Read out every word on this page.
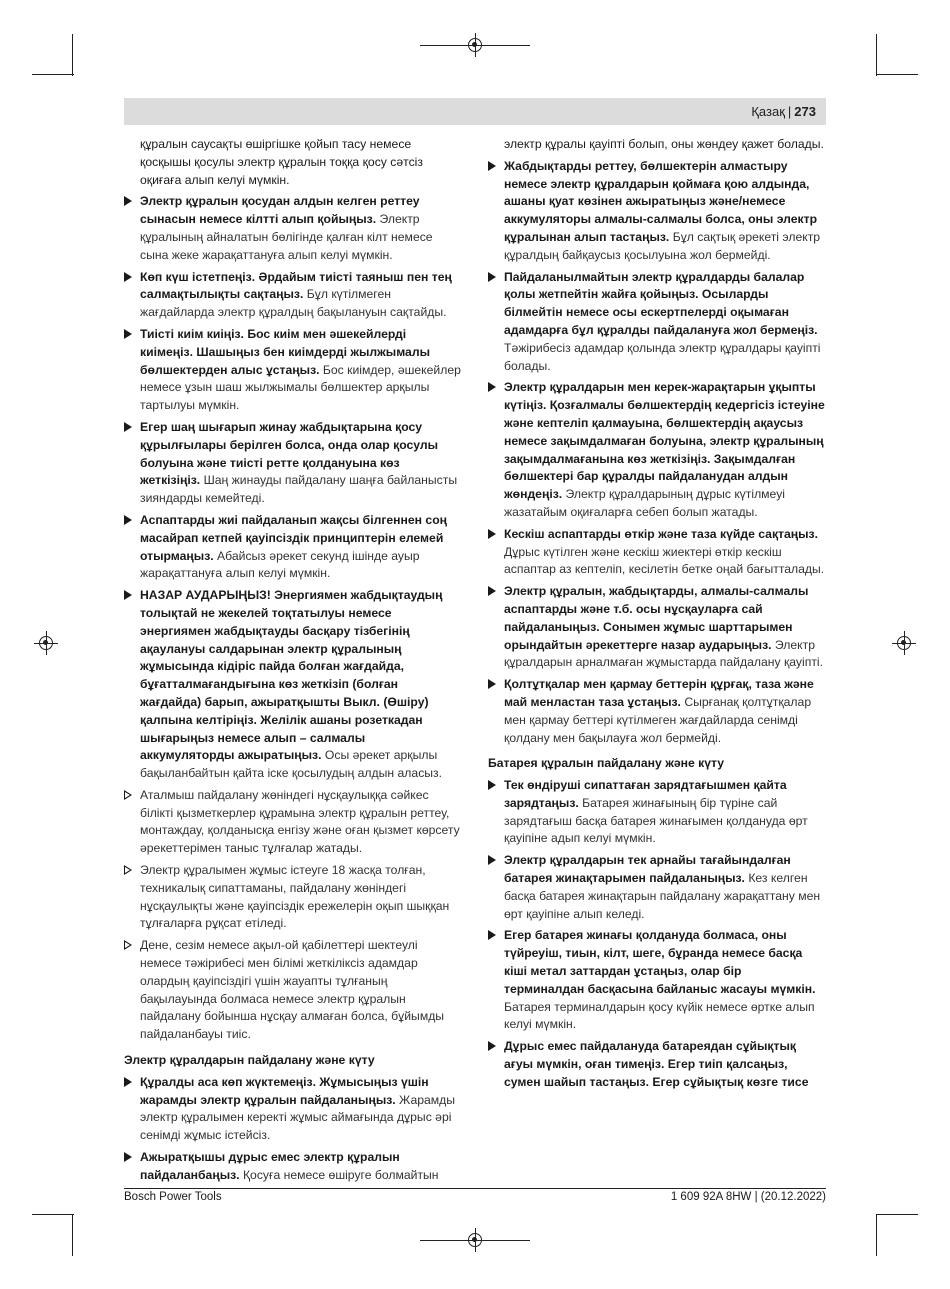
Қазақ | 273

құралын саусақты өшіргішке қойып тасу немесе қосқышы қосулы электр құралын тоққа қосу сәтсіз оқиғаға алып келуі мүмкін.

Электр құралын қосудан алдын келген реттеу сынасын немесе кілтті алып қойыңыз. Электр құралының айналатын бөлігінде қалған кілт немесе сына жеке жарақаттануға алып келуі мүмкін.
Көп күш істетпеңіз. Әрдайым тиісті таяныш пен тең салмақтылықты сақтаңыз. Бұл күтілмеген жағдайларда электр құралдың бақылануын сақтайды.
Тиісті киім киіңіз. Бос киім мен әшекейлерді киімеңіз. Шашыңыз бен киімдерді жылжымалы бөлшектерден алыс ұстаңыз. Бос киімдер, әшекейлер немесе ұзын шаш жылжымалы бөлшектер арқылы тартылуы мүмкін.
Егер шаң шығарып жинау жабдықтарына қосу құрылғылары берілген болса, онда олар қосулы болуына және тиісті ретте қолдануына көз жеткізіңіз. Шаң жинауды пайдалану шаңға байланысты зияндарды кемейтеді.
Аспаптарды жиі пайдаланып жақсы білгеннен соң масайрап кетпей қауіпсіздік принциптерін елемей отырмаңыз. Абайсыз әрекет секунд ішінде ауыр жарақаттануға алып келуі мүмкін.
НАЗАР АУДАРЫҢЫЗ! Энергиямен жабдықтаудың толықтай не жекелей тоқтатылуы немесе энергиямен жабдықтауды басқару тізбегінің ақаулануы салдарынан электр құралының жұмысында кідіріс пайда болған жағдайда, бұғатталмағандығына көз жеткізіп (болған жағдайда) барып, ажыратқышты Выкл. (Өшіру) қалпына келтіріңіз. Желілік ашаны розеткадан шығарыңыз немесе алып – салмалы аккумуляторды ажыратыңыз. Осы әрекет арқылы бақыланбайтын қайта іске қосылудың алдын аласыз.
Аталмыш пайдалану жөніндегі нұсқаулыққа сәйкес білікті қызметкерлер құрамына электр құралын реттеу, монтаждау, қолданысқа енгізу және оған қызмет көрсету әрекеттерімен таныс тұлғалар жатады.
Электр құралымен жұмыс істеуге 18 жасқа толған, техникалық сипаттаманы, пайдалану жөніндегі нұсқаулықты және қауіпсіздік ережелерін оқып шыққан тұлғаларға рұқсат етіледі.
Дене, сезім немесе ақыл-ой қабілеттері шектеулі немесе тәжірибесі мен білімі жеткіліксіз адамдар олардың қауіпсіздігі үшін жауапты тұлғаның бақылауында болмаса немесе электр құралын пайдалану бойынша нұсқау алмаған болса, бұйымды пайдаланбауы тиіс.
Электр құралдарын пайдалану және күту
Құралды аса көп жүктемеңіз. Жұмысыңыз үшін жарамды электр құралын пайдаланыңыз. Жарамды электр құралымен керекті жұмыс аймағында дұрыс әрі сенімді жұмыс істейсіз.
Ажыратқышы дұрыс емес электр құралын пайдаланбаңыз. Қосуға немесе өшіруге болмайтын

электр құралы қауіпті болып, оны жөндеу қажет болады.

Жабдықтарды реттеу, бөлшектерін алмастыру немесе электр құралдарын қоймаға қою алдында, ашаны қуат көзінен ажыратыңыз және/немесе аккумуляторы алмалы-салмалы болса, оны электр құралынан алып тастаңыз. Бұл сақтық әрекеті электр құралдың байқаусыз қосылуына жол бермейді.
Пайдаланылмайтын электр құралдарды балалар қолы жетпейтін жайға қойыңыз. Осыларды білмейтін немесе осы ескертпелерді оқымаған адамдарға бұл құралды пайдалануға жол бермеңіз. Тәжірибесіз адамдар қолында электр құралдары қауіпті болады.
Электр құралдарын мен керек-жарақтарын ұқыпты күтіңіз. Қозғалмалы бөлшектердің кедергісіз істеуіне және кептеліп қалмауына, бөлшектердің ақаусыз немесе зақымдалмаған болуына, электр құралының зақымдалмағанына көз жеткізіңіз. Зақымдалған бөлшектері бар құралды пайдаланудан алдын жөндеңіз. Электр құралдарының дұрыс күтілмеуі жазатайым оқиғаларға себеп болып жатады.
Кескіш аспаптарды өткір және таза күйде сақтаңыз. Дұрыс күтілген және кескіш жиектері өткір кескіш аспаптар аз кептеліп, кесілетін бетке оңай бағытталады.
Электр құралын, жабдықтарды, алмалы-салмалы аспаптарды және т.б. осы нұсқауларға сай пайдаланыңыз. Сонымен жұмыс шарттарымен орындайтын әрекеттерге назар аударыңыз. Электр құралдарын арналмаған жұмыстарда пайдалану қауіпті.
Қолтұтқалар мен қармау беттерін құрғақ, таза және май менластан таза ұстаңыз. Сырғанақ қолтұтқалар мен қармау беттері күтілмеген жағдайларда сенімді қолдану мен бақылауға жол бермейді.
Батарея құралын пайдалану және күту
Тек өндіруші сипаттаған зарядтағышмен қайта зарядтаңыз. Батарея жинағының бір түріне сай зарядтағыш басқа батарея жинағымен қолдануда өрт қауіпіне адып келуі мүмкін.
Электр құралдарын тек арнайы тағайындалған батарея жинақтарымен пайдаланыңыз. Кез келген басқа батарея жинақтарын пайдалану жарақаттану мен өрт қауіпіне алып келеді.
Егер батарея жинағы қолдануда болмаса, оны түйреуіш, тиын, кілт, шеге, бұранда немесе басқа кіші метал заттардан ұстаңыз, олар бір терминалдан басқасына байланыс жасауы мүмкін. Батарея терминалдарын қосу күйік немесе өртке алып келуі мүмкін.
Дұрыс емес пайдалануда батареядан сұйықтық ағуы мүмкін, оған тимеңіз. Егер тиіп қалсаңыз, сумен шайып тастаңыз. Егер сұйықтық көзге тисе
Bosch Power Tools	1 609 92A 8HW | (20.12.2022)
